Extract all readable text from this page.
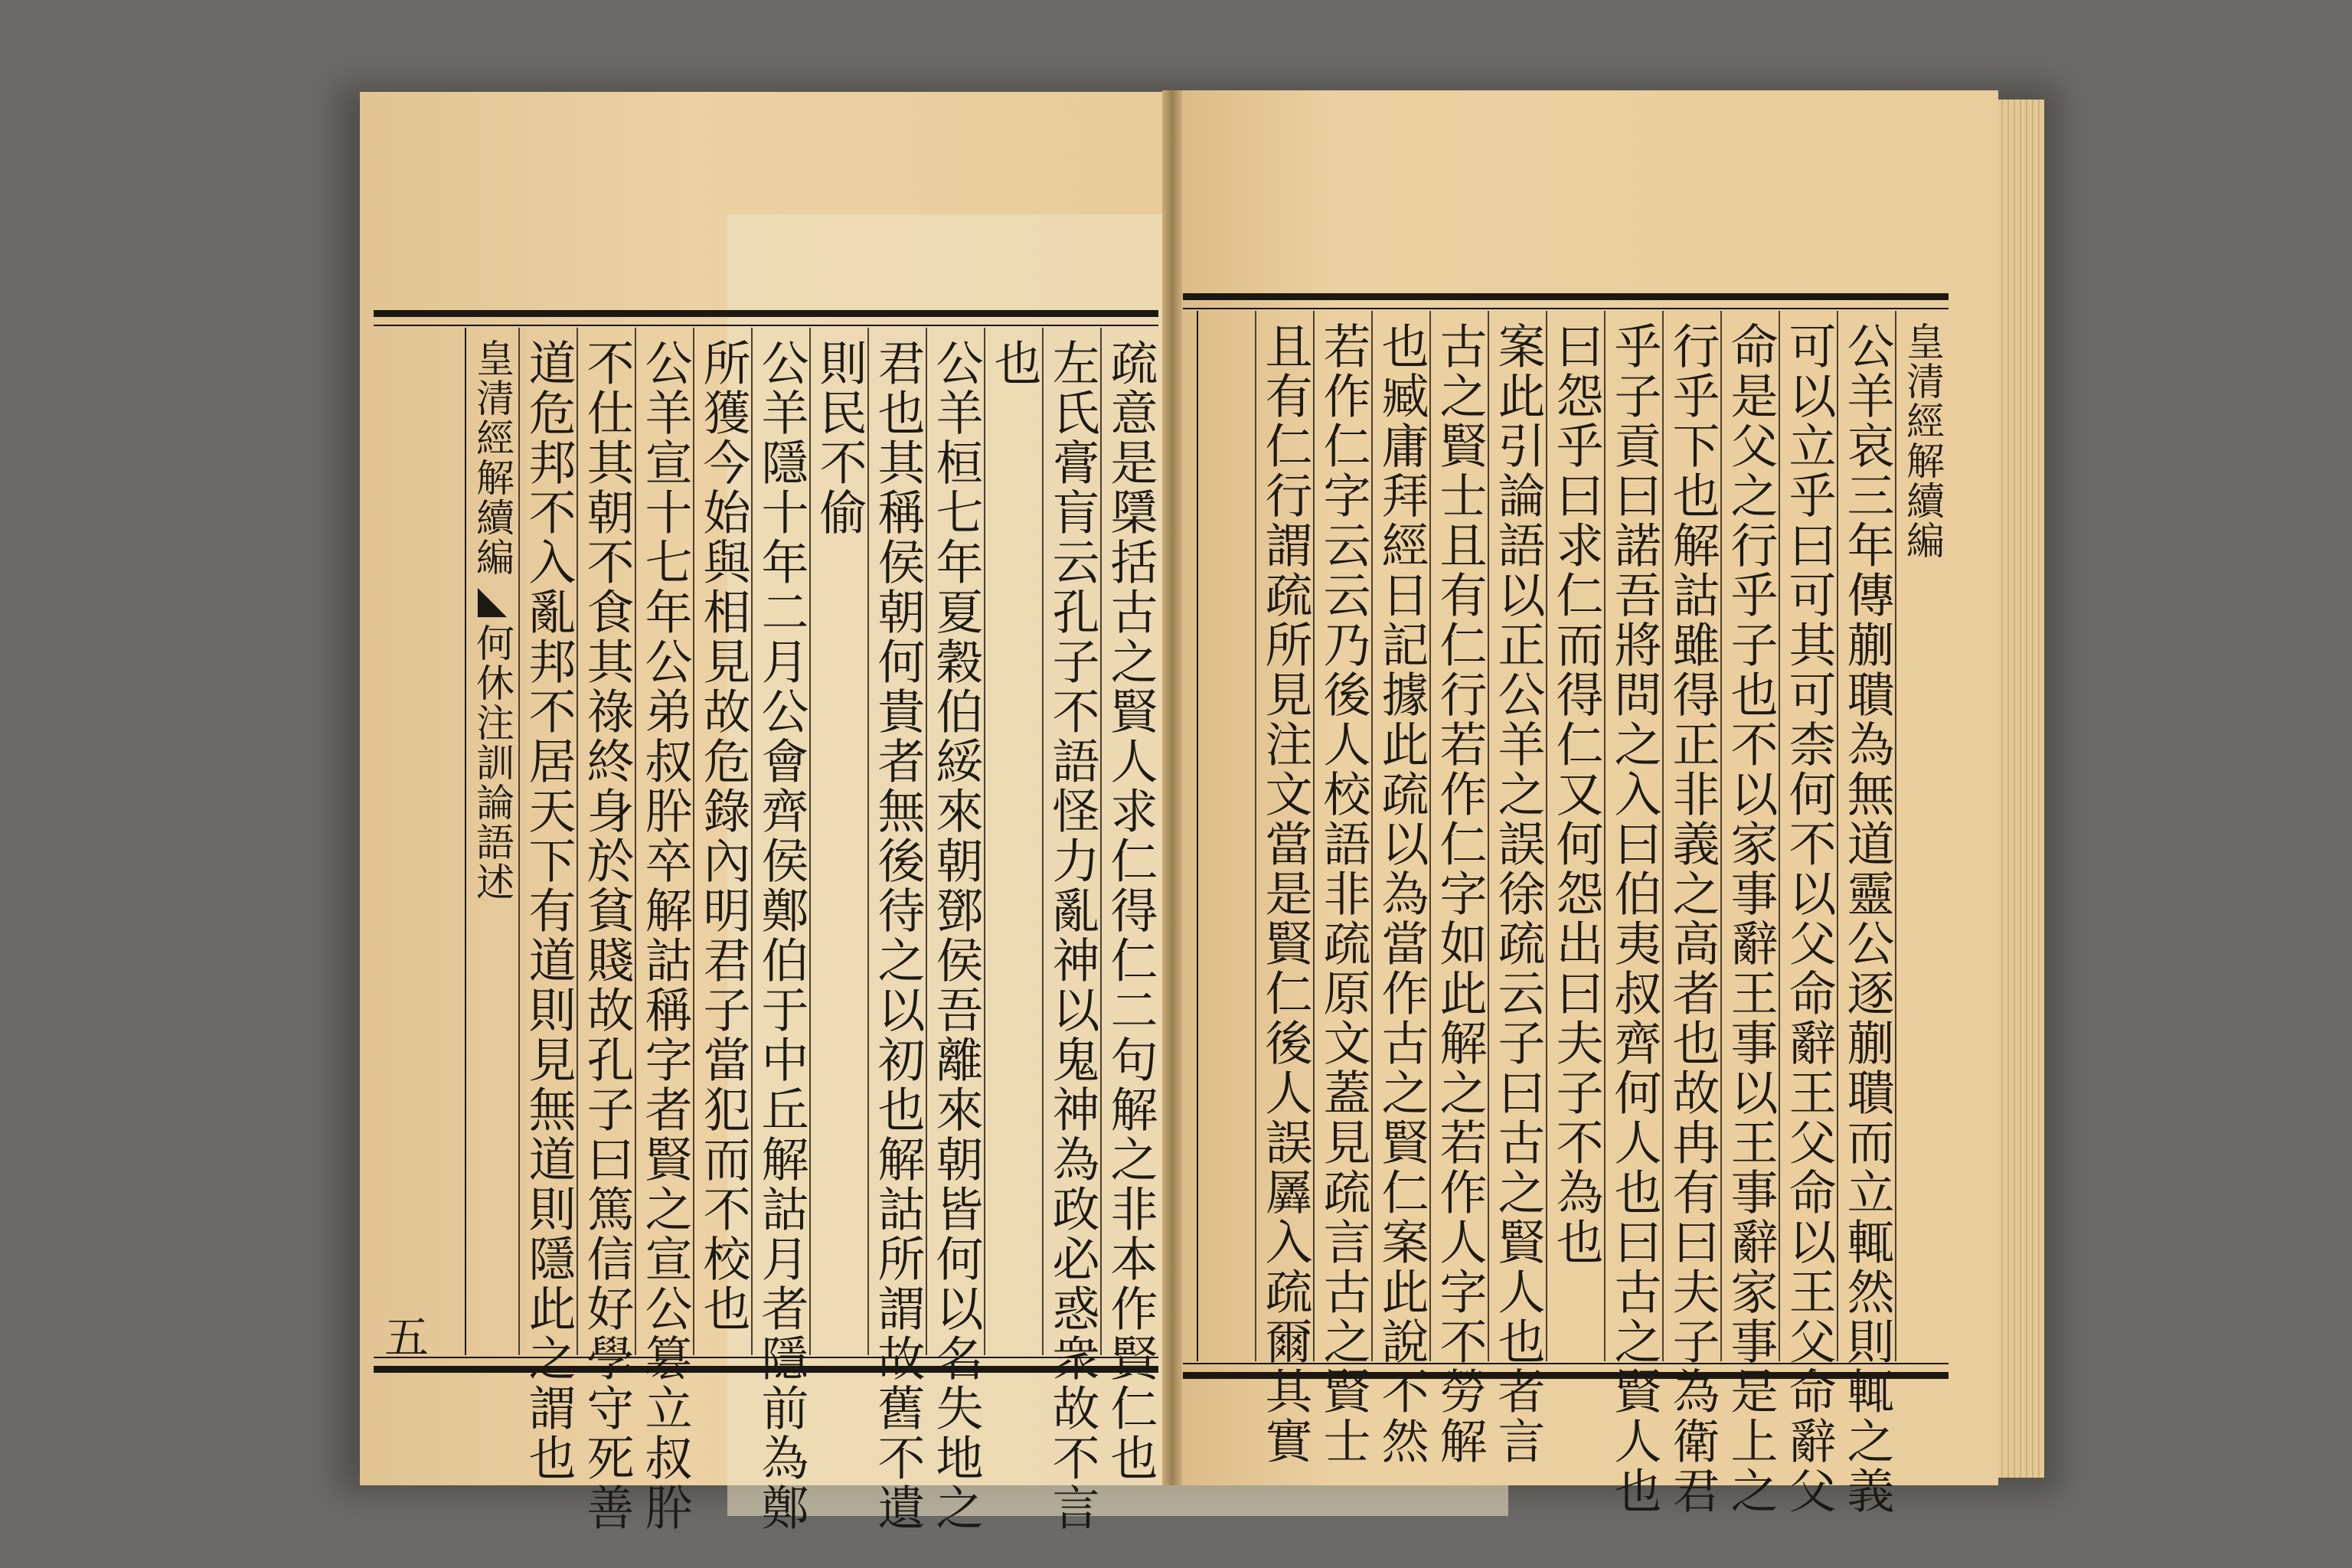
疏意是檃括古之賢人求仁得仁二句解之非本作賢仁也
左氏膏肓云孔子不語怪力亂神以鬼神為政必惑衆故不言
也
公羊桓七年夏穀伯綏來朝鄧侯吾離來朝皆何以名失地之
君也其稱侯朝何貴者無後待之以初也解詁所謂故舊不遺
則民不偷
公羊隱十年二月公會齊侯鄭伯于中丘解詁月者隱前為鄭
所獲今始與相見故危錄內明君子當犯而不校也
公羊宣十七年公弟叔肸卒解詁稱字者賢之宣公簒立叔肸
不仕其朝不食其祿終身於貧賤故孔子曰篤信好學守死善
道危邦不入亂邦不居天下有道則見無道則隱此之謂也
皇清經解續編◣何休注訓論語述
五
皇清經解續編
公羊哀三年傳蒯聵為無道靈公逐蒯聵而立輒然則輒之義
可以立乎曰可其可柰何不以父命辭王父命以王父命辭父
命是父之行乎子也不以家事辭王事以王事辭家事是上之
行乎下也解詁雖得正非義之高者也故冉有曰夫子為衛君
乎子貢曰諾吾將問之入曰伯夷叔齊何人也曰古之賢人也
曰怨乎曰求仁而得仁又何怨出曰夫子不為也
案此引論語以正公羊之誤徐疏云子曰古之賢人也者言
古之賢士且有仁行若作仁字如此解之若作人字不勞解
也臧庸拜經日記據此疏以為當作古之賢仁案此說不然
若作仁字云云乃後人校語非疏原文蓋見疏言古之賢士
且有仁行謂疏所見注文當是賢仁後人誤羼入疏爾其實
